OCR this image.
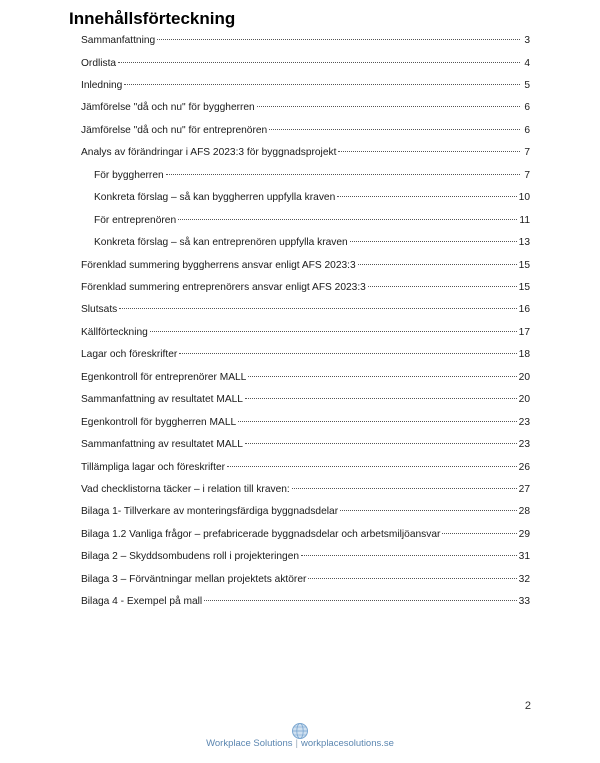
Innehållsförteckning
Sammanfattning	3
Ordlista	4
Inledning	5
Jämförelse "då och nu" för byggherren	6
Jämförelse "då och nu" för entreprenören	6
Analys av förändringar i AFS 2023:3 för byggnadsprojekt	7
För byggherren	7
Konkreta förslag – så kan byggherren uppfylla kraven	10
För entreprenören	11
Konkreta förslag – så kan entreprenören uppfylla kraven	13
Förenklad summering byggherrens ansvar enligt AFS 2023:3	15
Förenklad summering entreprenörers ansvar enligt AFS 2023:3	15
Slutsats	16
Källförteckning	17
Lagar och föreskrifter	18
Egenkontroll för entreprenörer MALL	20
Sammanfattning av resultatet MALL	20
Egenkontroll för byggherren MALL	23
Sammanfattning av resultatet MALL	23
Tillämpliga lagar och föreskrifter	26
Vad checklistorna täcker – i relation till kraven:	27
Bilaga 1- Tillverkare av monteringsfärdiga byggnadsdelar	28
Bilaga 1.2 Vanliga frågor – prefabricerade byggnadsdelar och arbetsmiljöansvar	29
Bilaga 2 – Skyddsombudens roll i projekteringen	31
Bilaga 3 – Förväntningar mellan projektets aktörer	32
Bilaga 4 - Exempel på mall	33
2
Workplace Solutions | workplacesolutions.se
